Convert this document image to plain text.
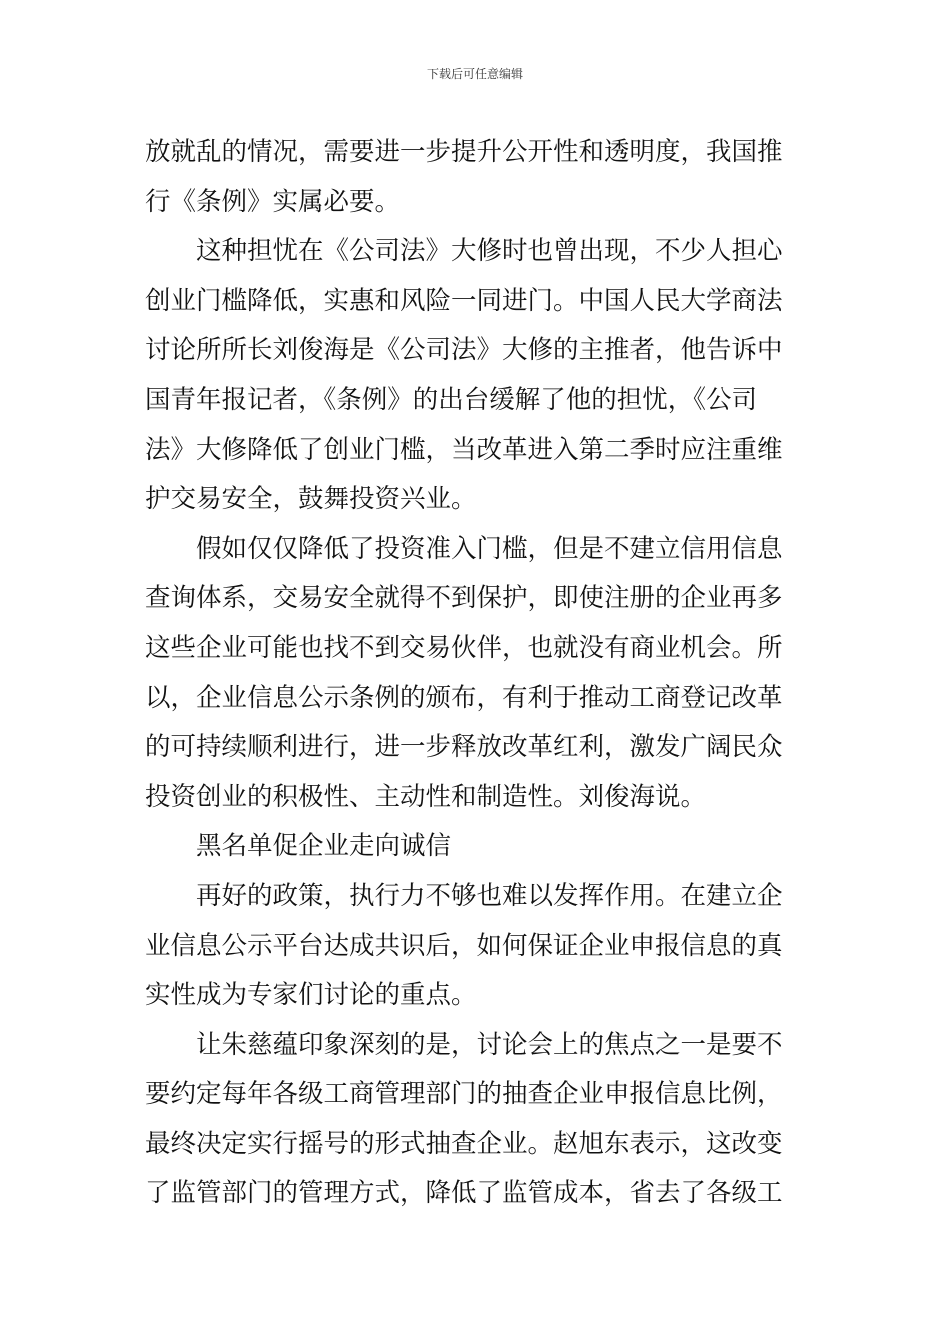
下载后可任意编辑
放就乱的情况，需要进一步提升公开性和透明度，我国推
行《条例》实属必要。
这种担忧在《公司法》大修时也曾出现，不少人担心
创业门槛降低，实惠和风险一同进门。中国人民大学商法
讨论所所长刘俊海是《公司法》大修的主推者，他告诉中
国青年报记者，《条例》的出台缓解了他的担忧，《公司
法》大修降低了创业门槛，当改革进入第二季时应注重维
护交易安全，鼓舞投资兴业。
假如仅仅降低了投资准入门槛，但是不建立信用信息
查询体系，交易安全就得不到保护，即使注册的企业再多
这些企业可能也找不到交易伙伴，也就没有商业机会。所
以，企业信息公示条例的颁布，有利于推动工商登记改革
的可持续顺利进行，进一步释放改革红利，激发广阔民众
投资创业的积极性、主动性和制造性。刘俊海说。
黑名单促企业走向诚信
再好的政策，执行力不够也难以发挥作用。在建立企
业信息公示平台达成共识后，如何保证企业申报信息的真
实性成为专家们讨论的重点。
让朱慈蕴印象深刻的是，讨论会上的焦点之一是要不
要约定每年各级工商管理部门的抽查企业申报信息比例，
最终决定实行摇号的形式抽查企业。赵旭东表示，这改变
了监管部门的管理方式，降低了监管成本，省去了各级工
